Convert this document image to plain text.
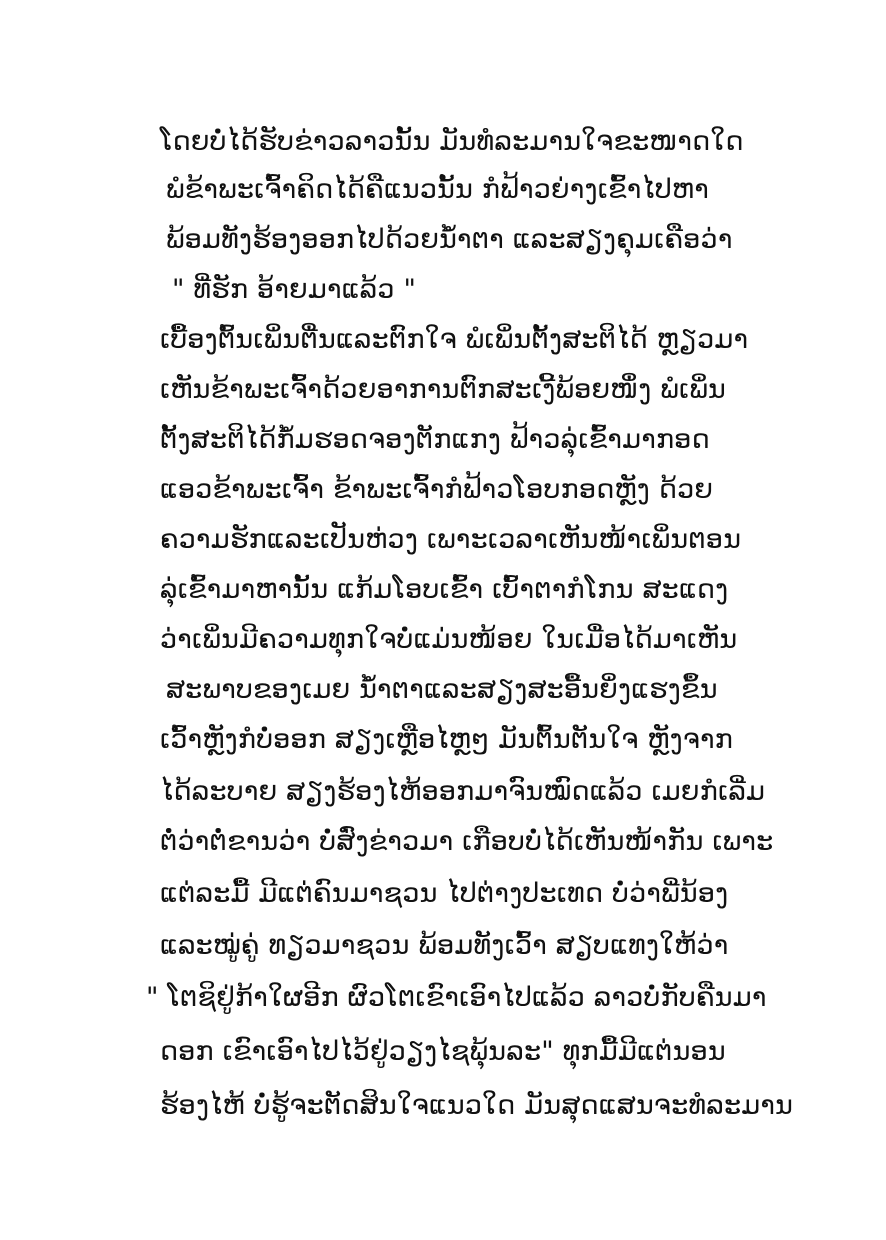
ໂດຍບໍ່ໄດ້ຮັບຂ່າວລາວນັ້ນ ມັນທໍລະມານໃຈຂະໜາດໃດ

ພໍຂ້າພະເຈົ້າຄິດໄດ້ຄືແນວນັ້ນ ກໍຟ້າວຍ່າງເຂົ້າໄປຫາ

ພ້ອມທັງຮ້ອງອອກໄປດ້ວຍນ້ຳຕາ ແລະສຽງຄຸມເຄືອວ່າ

" ທີ່ຮັກ ອ້າຍມາແລ້ວ "

ເບື້ອງຕົ້ນເພິ່ນຕື່ນແລະຕົກໃຈ ພໍເພິ່ນຕັ້ງສະຕິໄດ້ ຫຼຽວມາ

ເຫັນຂ້າພະເຈົ້າດ້ວຍອາການຕົກສະເງີ້ພ້ອຍໜຶ່ງ ພໍເພິ່ນ

ຕັ້ງສະຕິໄດ້ກໍ້ມຮອດຈອງຕັກແກງ ຟ້າວລຸ່ເຂົ້າມາກອດ

ແອວຂ້າພະເຈົ້າ ຂ້າພະເຈົ້າກໍຟ້າວໂອບກອດຫຼັງ ດ້ວຍ

ຄວາມຮັກແລະເປັນຫ່ວງ ເພາະເວລາເຫັນໜ້າເພິ່ນຕອນ

ລຸ່ເຂົ້າມາຫານັ້ນ ແກ້ມໂອບເຂົ້າ ເບົ້າຕາກໍໂກນ ສະແດງ

ວ່າເພິ່ນມີຄວາມທຸກໃຈບໍ່ແມ່ນໜ້ອຍ ໃນເມື່ອໄດ້ມາເຫັນ

ສະພາບຂອງເມຍ ນ້ຳຕາແລະສຽງສະອື້ນຍິ່ງແຮງຂຶ້ນ

ເວົ້າຫຼັງກໍບໍ່ອອກ ສຽງເຫຼືອໄຫຼໆ ມັນຕົ້ນຕັນໃຈ ຫຼັງຈາກ

ໄດ້ລະບາຍ ສຽງຮ້ອງໄຫ້ອອກມາຈົນໝົດແລ້ວ ເມຍກໍເລີ່ມ

ຕໍ່ວ່າຕໍ່ຂານວ່າ ບໍ່ສົ່ງຂ່າວມາ ເກືອບບໍ່ໄດ້ເຫັນໜ້າກັນ ເພາະ

ແຕ່ລະມື້ ມີແຕ່ຄົນມາຊວນ ໄປຕ່າງປະເທດ ບໍ່ວ່າພີ່ນ້ອງ

ແລະໝູ່ຄູ່ ທຽວມາຊວນ ພ້ອມທັງເວົ້າ ສຽບແທງໃຫ້ວ່າ

" ໂຕຊິຢູ່ກ້າໃຜອີກ ຜົວໂຕເຂົາເອົາໄປແລ້ວ ລາວບໍ່ກັບຄືນມາ

ດອກ ເຂົາເອົາໄປໄວ້ຢູ່ວຽງໄຊພຸ້ນລະ" ທຸກມື້ມີແຕ່ນອນ

ຮ້ອງໄຫ້ ບໍ່ຮູ້ຈະຕັດສິນໃຈແນວໃດ ມັນສຸດແສນຈະທໍລະມານ
